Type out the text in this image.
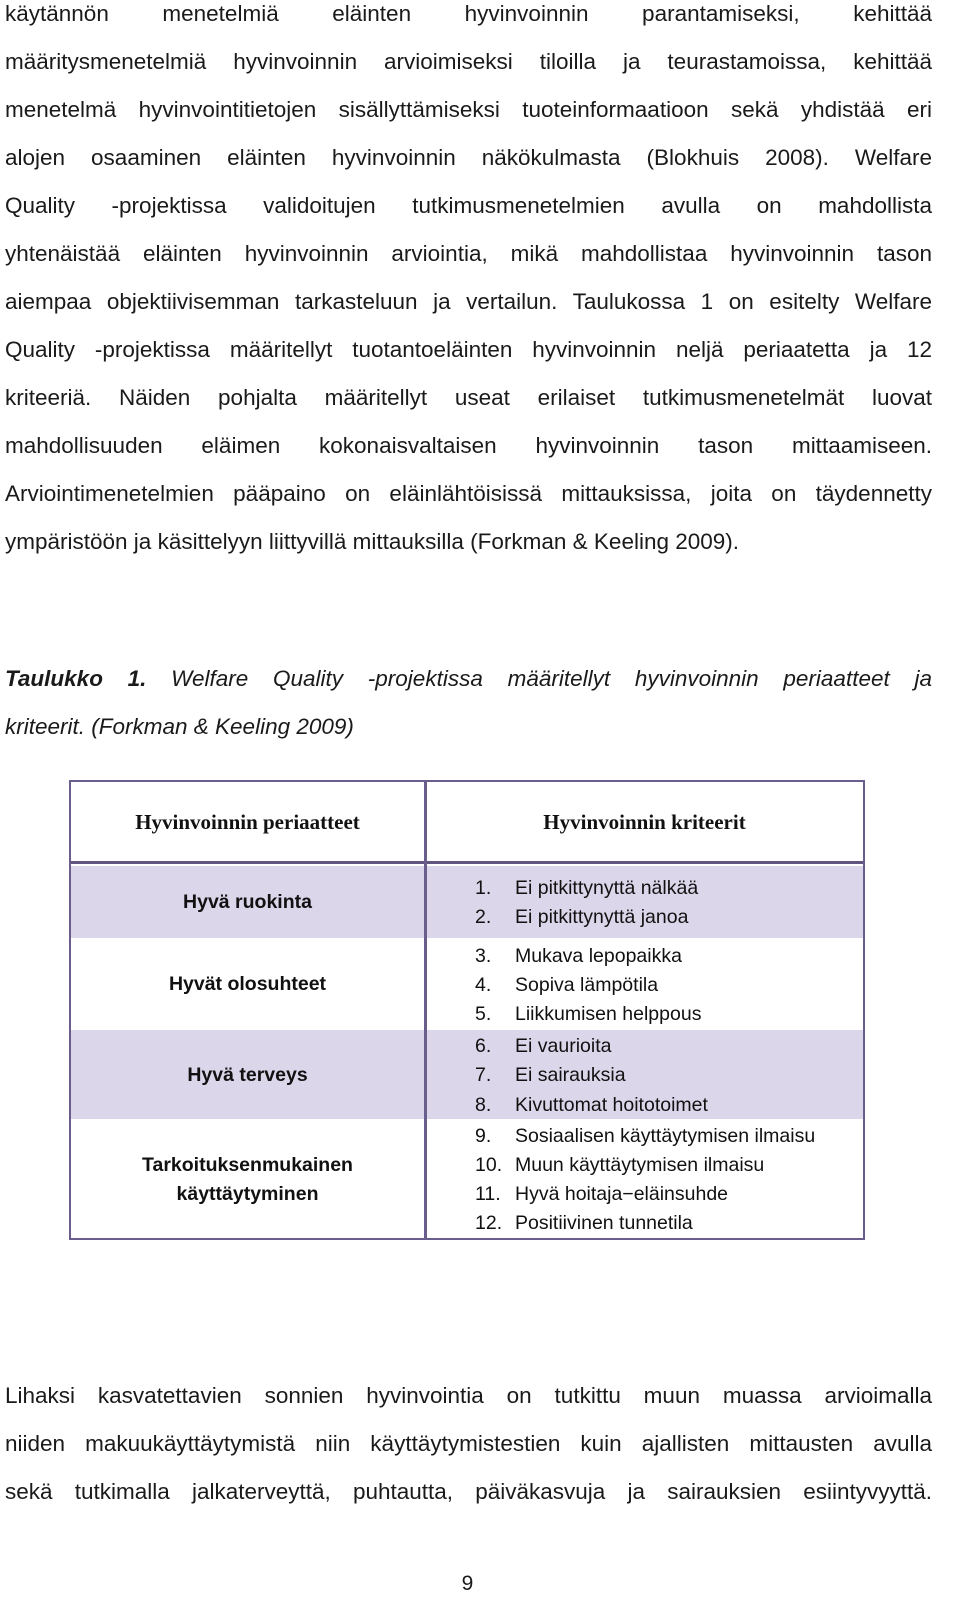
käytännön menetelmiä eläinten hyvinvoinnin parantamiseksi, kehittää
määritysmenetelmiä hyvinvoinnin arvioimiseksi tiloilla ja teurastamoissa, kehittää
menetelmä hyvinvointitietojen sisällyttämiseksi tuoteinformaatioon sekä yhdistää eri
alojen osaaminen eläinten hyvinvoinnin näkökulmasta (Blokhuis 2008). Welfare
Quality -projektissa validoitujen tutkimusmenetelmien avulla on mahdollista
yhtenäistää eläinten hyvinvoinnin arviointia, mikä mahdollistaa hyvinvoinnin tason
aiempaa objektiivisemman tarkasteluun ja vertailun. Taulukossa 1 on esitelty Welfare
Quality -projektissa määritellyt tuotantoeläinten hyvinvoinnin neljä periaatetta ja 12
kriteeriä. Näiden pohjalta määritellyt useat erilaiset tutkimusmenetelmät luovat
mahdollisuuden eläimen kokonaisvaltaisen hyvinvoinnin tason mittaamiseen.
Arviointimenetelmien pääpaino on eläinlähtöisissä mittauksissa, joita on täydennetty
ympäristöön ja käsittelyyn liittyvillä mittauksilla (Forkman & Keeling 2009).
Taulukko 1. Welfare Quality -projektissa määritellyt hyvinvoinnin periaatteet ja
kriteerit. (Forkman & Keeling 2009)
Hyvinvoinnin periaatteet	Hyvinvoinnin kriteerit
Hyvä ruokinta
Hyvät olosuhteet
Hyvä terveys
Tarkoituksenmukainen
käyttäytyminen
1. Ei pitkittynyttä nälkää
2. Ei pitkittynyttä janoa
3. Mukava lepopaikka
4. Sopiva lämpötila
5. Liikkumisen helppous
6. Ei vaurioita
7. Ei sairauksia
8. Kivuttomat hoitotoimet
9. Sosiaalisen käyttäytymisen ilmaisu
10. Muun käyttäytymisen ilmaisu
11. Hyvä hoitaja−eläinsuhde
12. Positiivinen tunnetila
Lihaksi kasvatettavien sonnien hyvinvointia on tutkittu muun muassa arvioimalla
niiden makuukäyttäytymistä niin käyttäytymistestien kuin ajallisten mittausten avulla
sekä tutkimalla jalkaterveyttä, puhtautta, päiväkasvuja ja sairauksien esiintyvyyttä.
9
